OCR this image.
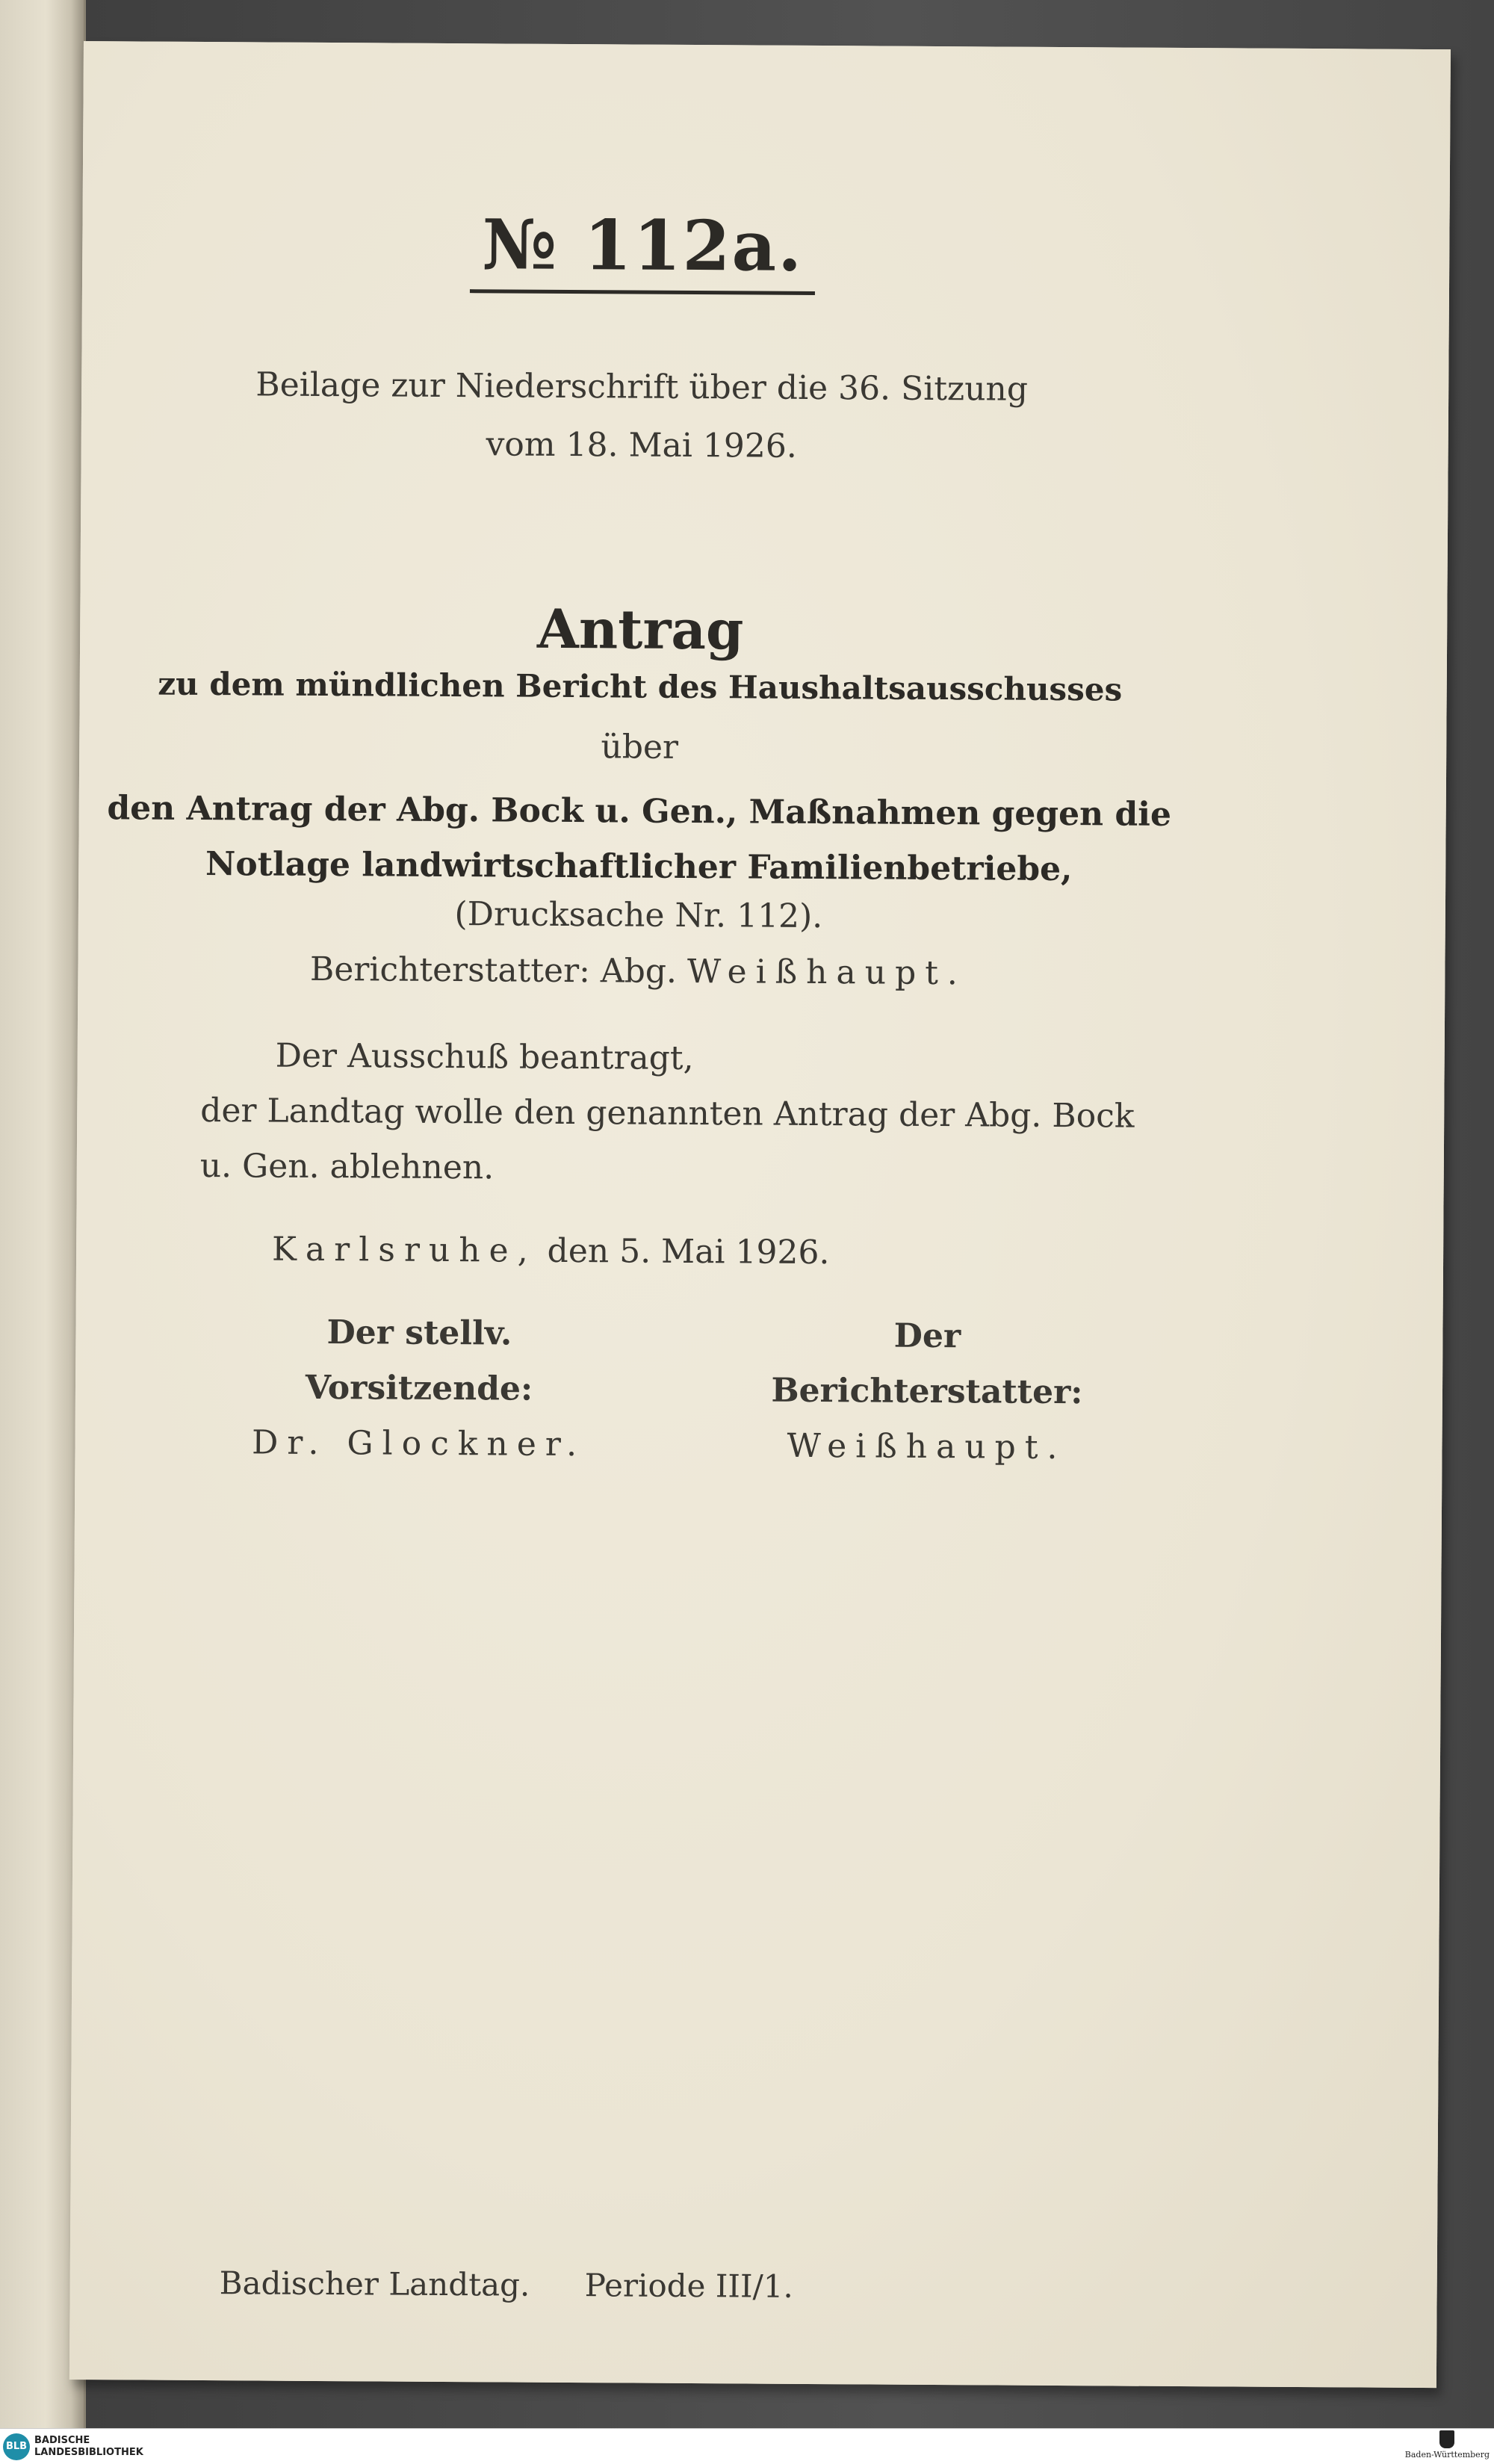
№ 112a.
Beilage zur Niederschrift über die 36. Sitzung
vom 18. Mai 1926.
Antrag
zu dem mündlichen Bericht des Haushaltsausschusses
über
den Antrag der Abg. Bock u. Gen., Maßnahmen gegen die
Notlage landwirtschaftlicher Familienbetriebe,
(Drucksache Nr. 112).
Berichterstatter: Abg. Weißhaupt.
Der Ausschuß beantragt,
der Landtag wolle den genannten Antrag der Abg. Bock
u. Gen. ablehnen.
Karlsruhe, den 5. Mai 1926.
Der stellv. Vorsitzende:
Dr. Glockner.
Der Berichterstatter:
Weißhaupt.
Badischer Landtag. Periode III/1.
BLB
BADISCHE
LANDESBIBLIOTHEK	Baden-Württemberg
